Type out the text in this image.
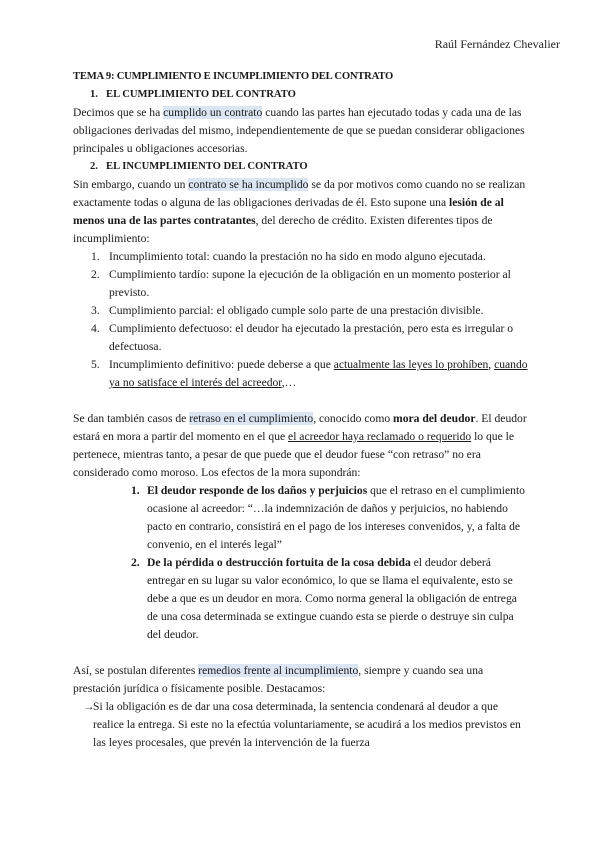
Raúl Fernández Chevalier

TEMA 9: CUMPLIMIENTO E INCUMPLIMIENTO DEL CONTRATO

1. EL CUMPLIMIENTO DEL CONTRATO

Decimos que se ha cumplido un contrato cuando las partes han ejecutado todas y cada una de las obligaciones derivadas del mismo, independientemente de que se puedan considerar obligaciones principales u obligaciones accesorias.

2. EL INCUMPLIMIENTO DEL CONTRATO

Sin embargo, cuando un contrato se ha incumplido se da por motivos como cuando no se realizan exactamente todas o alguna de las obligaciones derivadas de él. Esto supone una lesión de al menos una de las partes contratantes, del derecho de crédito. Existen diferentes tipos de incumplimiento:

1. Incumplimiento total: cuando la prestación no ha sido en modo alguno ejecutada.
2. Cumplimiento tardío: supone la ejecución de la obligación en un momento posterior al previsto.
3. Cumplimiento parcial: el obligado cumple solo parte de una prestación divisible.
4. Cumplimiento defectuoso: el deudor ha ejecutado la prestación, pero esta es irregular o defectuosa.
5. Incumplimiento definitivo: puede deberse a que actualmente las leyes lo prohíben, cuando ya no satisface el interés del acreedor,…

Se dan también casos de retraso en el cumplimiento, conocido como mora del deudor. El deudor estará en mora a partir del momento en el que el acreedor haya reclamado o requerido lo que le pertenece, mientras tanto, a pesar de que puede que el deudor fuese “con retraso” no era considerado como moroso. Los efectos de la mora supondrán:

1. El deudor responde de los daños y perjuicios que el retraso en el cumplimiento ocasione al acreedor: “…la indemnización de daños y perjuicios, no habiendo pacto en contrario, consistirá en el pago de los intereses convenidos, y, a falta de convenio, en el interés legal”
2. De la pérdida o destrucción fortuita de la cosa debida el deudor deberá entregar en su lugar su valor económico, lo que se llama el equivalente, esto se debe a que es un deudor en mora. Como norma general la obligación de entrega de una cosa determinada se extingue cuando esta se pierde o destruye sin culpa del deudor.

Así, se postulan diferentes remedios frente al incumplimiento, siempre y cuando sea una prestación jurídica o físicamente posible. Destacamos:

→
Si la obligación es de dar una cosa determinada, la sentencia condenará al deudor a que realice la entrega. Si este no la efectúa voluntariamente, se acudirá a los medios previstos en las leyes procesales, que prevén la intervención de la fuerza
